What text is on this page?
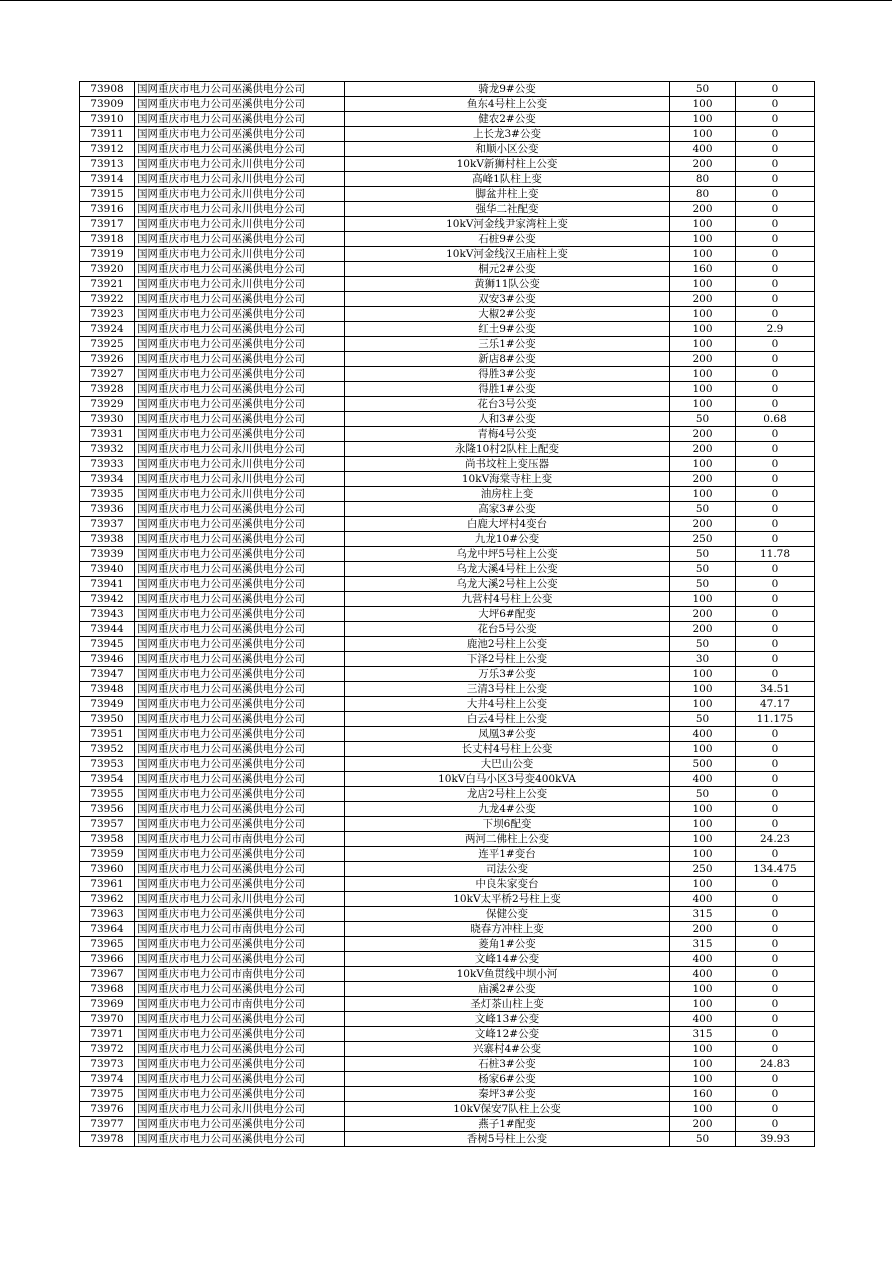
73908	国网重庆市电力公司巫溪供电分公司	骑龙9#公变	50	0
73909	国网重庆市电力公司巫溪供电分公司	鱼东4号柱上公变	100	0
73910	国网重庆市电力公司巫溪供电分公司	健农2#公变	100	0
73911	国网重庆市电力公司巫溪供电分公司	上长龙3#公变	100	0
73912	国网重庆市电力公司巫溪供电分公司	和顺小区公变	400	0
73913	国网重庆市电力公司永川供电分公司	10kV新狮村柱上公变	200	0
73914	国网重庆市电力公司永川供电分公司	高峰1队柱上变	80	0
73915	国网重庆市电力公司永川供电分公司	脚盆井柱上变	80	0
73916	国网重庆市电力公司永川供电分公司	强华二社配变	200	0
73917	国网重庆市电力公司永川供电分公司	10kV河金线尹家湾柱上变	100	0
73918	国网重庆市电力公司巫溪供电分公司	石桩9#公变	100	0
73919	国网重庆市电力公司永川供电分公司	10kV河金线汉王庙柱上变	100	0
73920	国网重庆市电力公司巫溪供电分公司	桐元2#公变	160	0
73921	国网重庆市电力公司永川供电分公司	黄狮11队公变	100	0
73922	国网重庆市电力公司巫溪供电分公司	双安3#公变	200	0
73923	国网重庆市电力公司巫溪供电分公司	大椒2#公变	100	0
73924	国网重庆市电力公司巫溪供电分公司	红土9#公变	100	2.9
73925	国网重庆市电力公司巫溪供电分公司	三乐1#公变	100	0
73926	国网重庆市电力公司巫溪供电分公司	新店8#公变	200	0
73927	国网重庆市电力公司巫溪供电分公司	得胜3#公变	100	0
73928	国网重庆市电力公司巫溪供电分公司	得胜1#公变	100	0
73929	国网重庆市电力公司巫溪供电分公司	花台3号公变	100	0
73930	国网重庆市电力公司巫溪供电分公司	人和3#公变	50	0.68
73931	国网重庆市电力公司巫溪供电分公司	青梅4号公变	200	0
73932	国网重庆市电力公司永川供电分公司	永隆10村2队柱上配变	200	0
73933	国网重庆市电力公司永川供电分公司	尚书坟柱上变压器	100	0
73934	国网重庆市电力公司永川供电分公司	10kV海棠寺柱上变	200	0
73935	国网重庆市电力公司永川供电分公司	油房柱上变	100	0
73936	国网重庆市电力公司巫溪供电分公司	高家3#公变	50	0
73937	国网重庆市电力公司巫溪供电分公司	白鹿大坪村4变台	200	0
73938	国网重庆市电力公司巫溪供电分公司	九龙10#公变	250	0
73939	国网重庆市电力公司巫溪供电分公司	乌龙中坪5号柱上公变	50	11.78
73940	国网重庆市电力公司巫溪供电分公司	乌龙大溪4号柱上公变	50	0
73941	国网重庆市电力公司巫溪供电分公司	乌龙大溪2号柱上公变	50	0
73942	国网重庆市电力公司巫溪供电分公司	九营村4号柱上公变	100	0
73943	国网重庆市电力公司巫溪供电分公司	大坪6#配变	200	0
73944	国网重庆市电力公司巫溪供电分公司	花台5号公变	200	0
73945	国网重庆市电力公司巫溪供电分公司	鹿池2号柱上公变	50	0
73946	国网重庆市电力公司巫溪供电分公司	下泽2号柱上公变	30	0
73947	国网重庆市电力公司巫溪供电分公司	万乐3#公变	100	0
73948	国网重庆市电力公司巫溪供电分公司	三清3号柱上公变	100	34.51
73949	国网重庆市电力公司巫溪供电分公司	大井4号柱上公变	100	47.17
73950	国网重庆市电力公司巫溪供电分公司	白云4号柱上公变	50	11.175
73951	国网重庆市电力公司巫溪供电分公司	凤凰3#公变	400	0
73952	国网重庆市电力公司巫溪供电分公司	长丈村4号柱上公变	100	0
73953	国网重庆市电力公司巫溪供电分公司	大巴山公变	500	0
73954	国网重庆市电力公司巫溪供电分公司	10kV白马小区3号变400kVA	400	0
73955	国网重庆市电力公司巫溪供电分公司	龙店2号柱上公变	50	0
73956	国网重庆市电力公司巫溪供电分公司	九龙4#公变	100	0
73957	国网重庆市电力公司巫溪供电分公司	下坝6配变	100	0
73958	国网重庆市电力公司市南供电分公司	两河二佛柱上公变	100	24.23
73959	国网重庆市电力公司巫溪供电分公司	连平1#变台	100	0
73960	国网重庆市电力公司巫溪供电分公司	司法公变	250	134.475
73961	国网重庆市电力公司巫溪供电分公司	中良朱家变台	100	0
73962	国网重庆市电力公司永川供电分公司	10kV太平桥2号柱上变	400	0
73963	国网重庆市电力公司巫溪供电分公司	保健公变	315	0
73964	国网重庆市电力公司市南供电分公司	晓春方冲柱上变	200	0
73965	国网重庆市电力公司巫溪供电分公司	菱角1#公变	315	0
73966	国网重庆市电力公司巫溪供电分公司	文峰14#公变	400	0
73967	国网重庆市电力公司市南供电分公司	10kV鱼贯线中坝小河	400	0
73968	国网重庆市电力公司巫溪供电分公司	庙溪2#公变	100	0
73969	国网重庆市电力公司市南供电分公司	圣灯茶山柱上变	100	0
73970	国网重庆市电力公司巫溪供电分公司	文峰13#公变	400	0
73971	国网重庆市电力公司巫溪供电分公司	文峰12#公变	315	0
73972	国网重庆市电力公司巫溪供电分公司	兴寨村4#公变	100	0
73973	国网重庆市电力公司巫溪供电分公司	石桩3#公变	100	24.83
73974	国网重庆市电力公司巫溪供电分公司	杨家6#公变	100	0
73975	国网重庆市电力公司巫溪供电分公司	秦坪3#公变	160	0
73976	国网重庆市电力公司永川供电分公司	10kV保安7队柱上公变	100	0
73977	国网重庆市电力公司巫溪供电分公司	燕子1#配变	200	0
73978	国网重庆市电力公司巫溪供电分公司	香树5号柱上公变	50	39.93
